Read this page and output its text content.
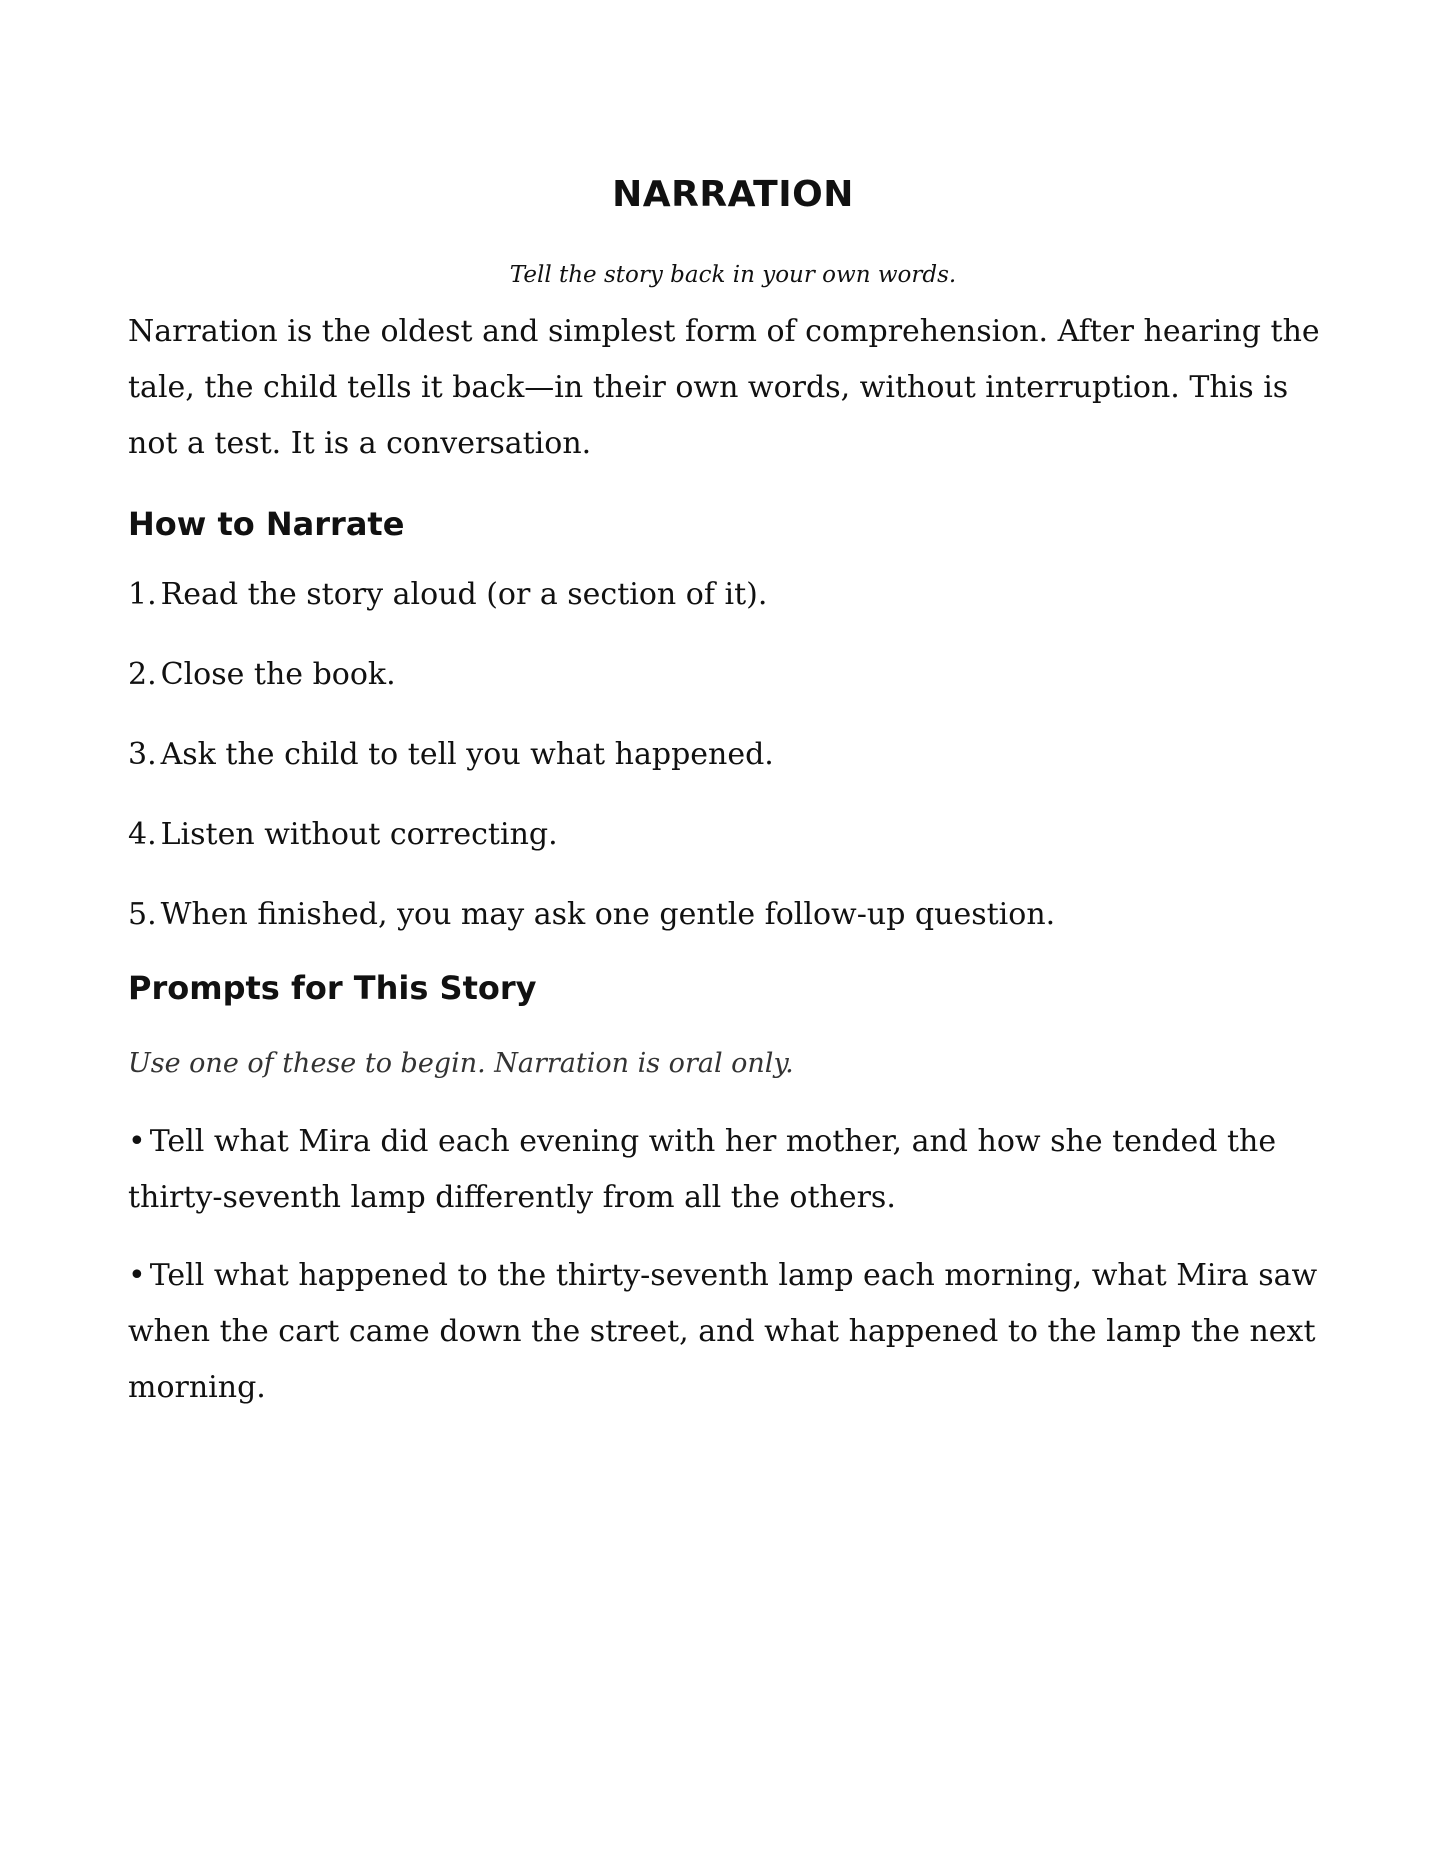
NARRATION

Tell the story back in your own words.

Narration is the oldest and simplest form of comprehension. After hearing the tale, the child tells it back—in their own words, without interruption. This is not a test. It is a conversation.

How to Narrate
1. Read the story aloud (or a section of it).
2. Close the book.
3. Ask the child to tell you what happened.
4. Listen without correcting.
5. When finished, you may ask one gentle follow-up question.
Prompts for This Story

Use one of these to begin. Narration is oral only.

• Tell what Mira did each evening with her mother, and how she tended the thirty-seventh lamp differently from all the others.
• Tell what happened to the thirty-seventh lamp each morning, what Mira saw when the cart came down the street, and what happened to the lamp the next morning.
